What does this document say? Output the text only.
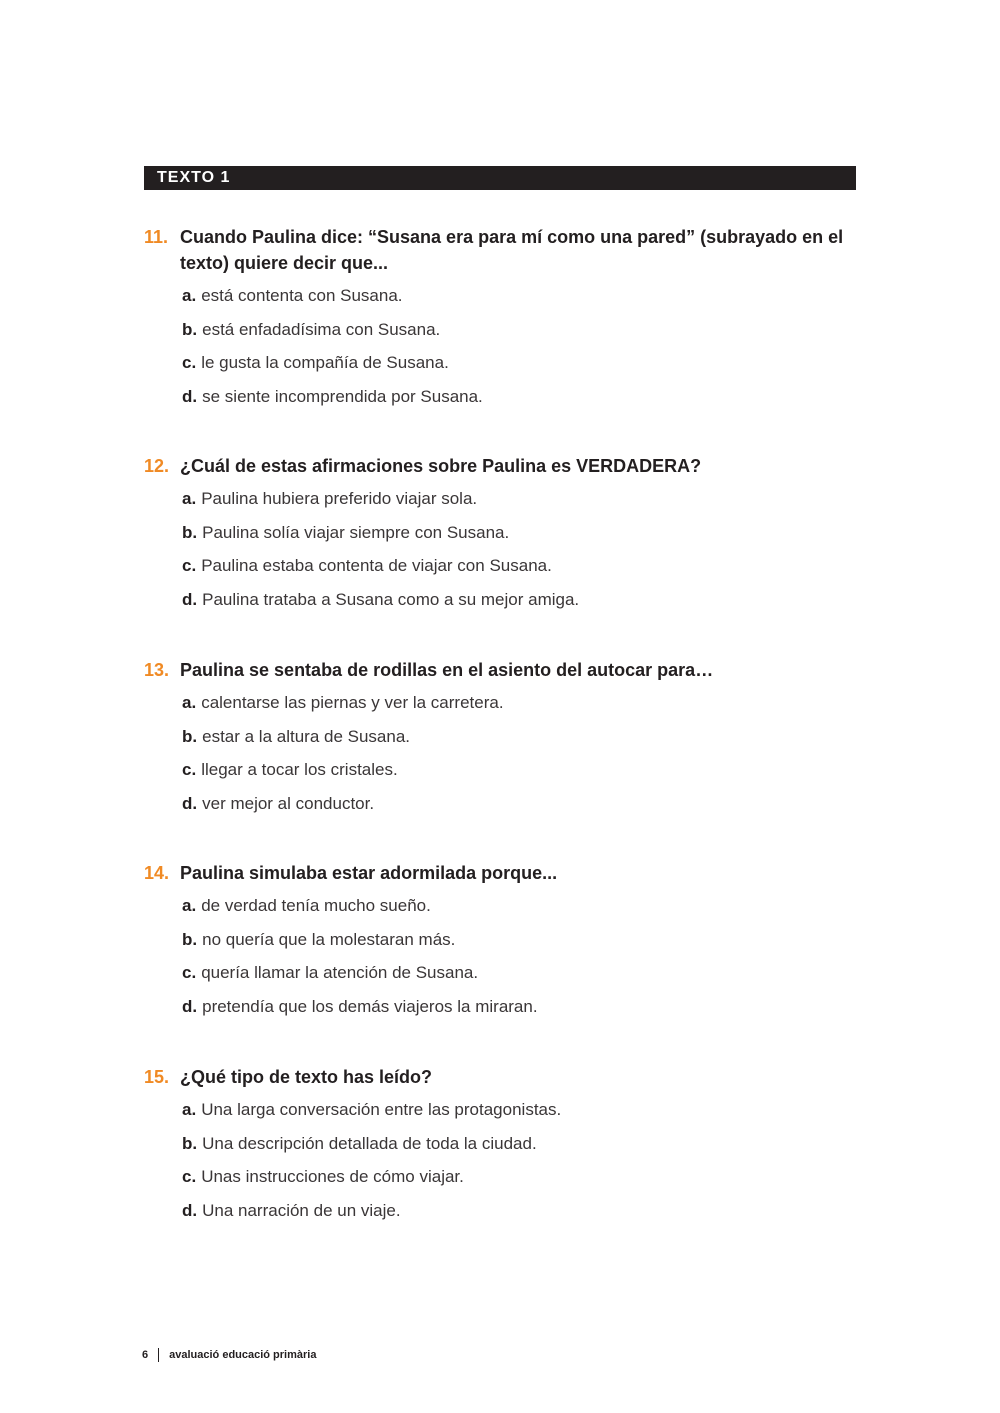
TEXTO 1
11. Cuando Paulina dice: “Susana era para mí como una pared” (subrayado en el texto) quiere decir que...
a. está contenta con Susana.
b. está enfadadísima con Susana.
c. le gusta la compañía de Susana.
d. se siente incomprendida por Susana.
12. ¿Cuál de estas afirmaciones sobre Paulina es VERDADERA?
a. Paulina hubiera preferido viajar sola.
b. Paulina solía viajar siempre con Susana.
c. Paulina estaba contenta de viajar con Susana.
d. Paulina trataba a Susana como a su mejor amiga.
13. Paulina se sentaba de rodillas en el asiento del autocar para…
a. calentarse las piernas y ver la carretera.
b. estar a la altura de Susana.
c. llegar a tocar los cristales.
d. ver mejor al conductor.
14. Paulina simulaba estar adormilada porque...
a. de verdad tenía mucho sueño.
b. no quería que la molestaran más.
c. quería llamar la atención de Susana.
d. pretendía que los demás viajeros la miraran.
15. ¿Qué tipo de texto has leído?
a. Una larga conversación entre las protagonistas.
b. Una descripción detallada de toda la ciudad.
c. Unas instrucciones de cómo viajar.
d. Una narración de un viaje.
6 avaluació educació primària
